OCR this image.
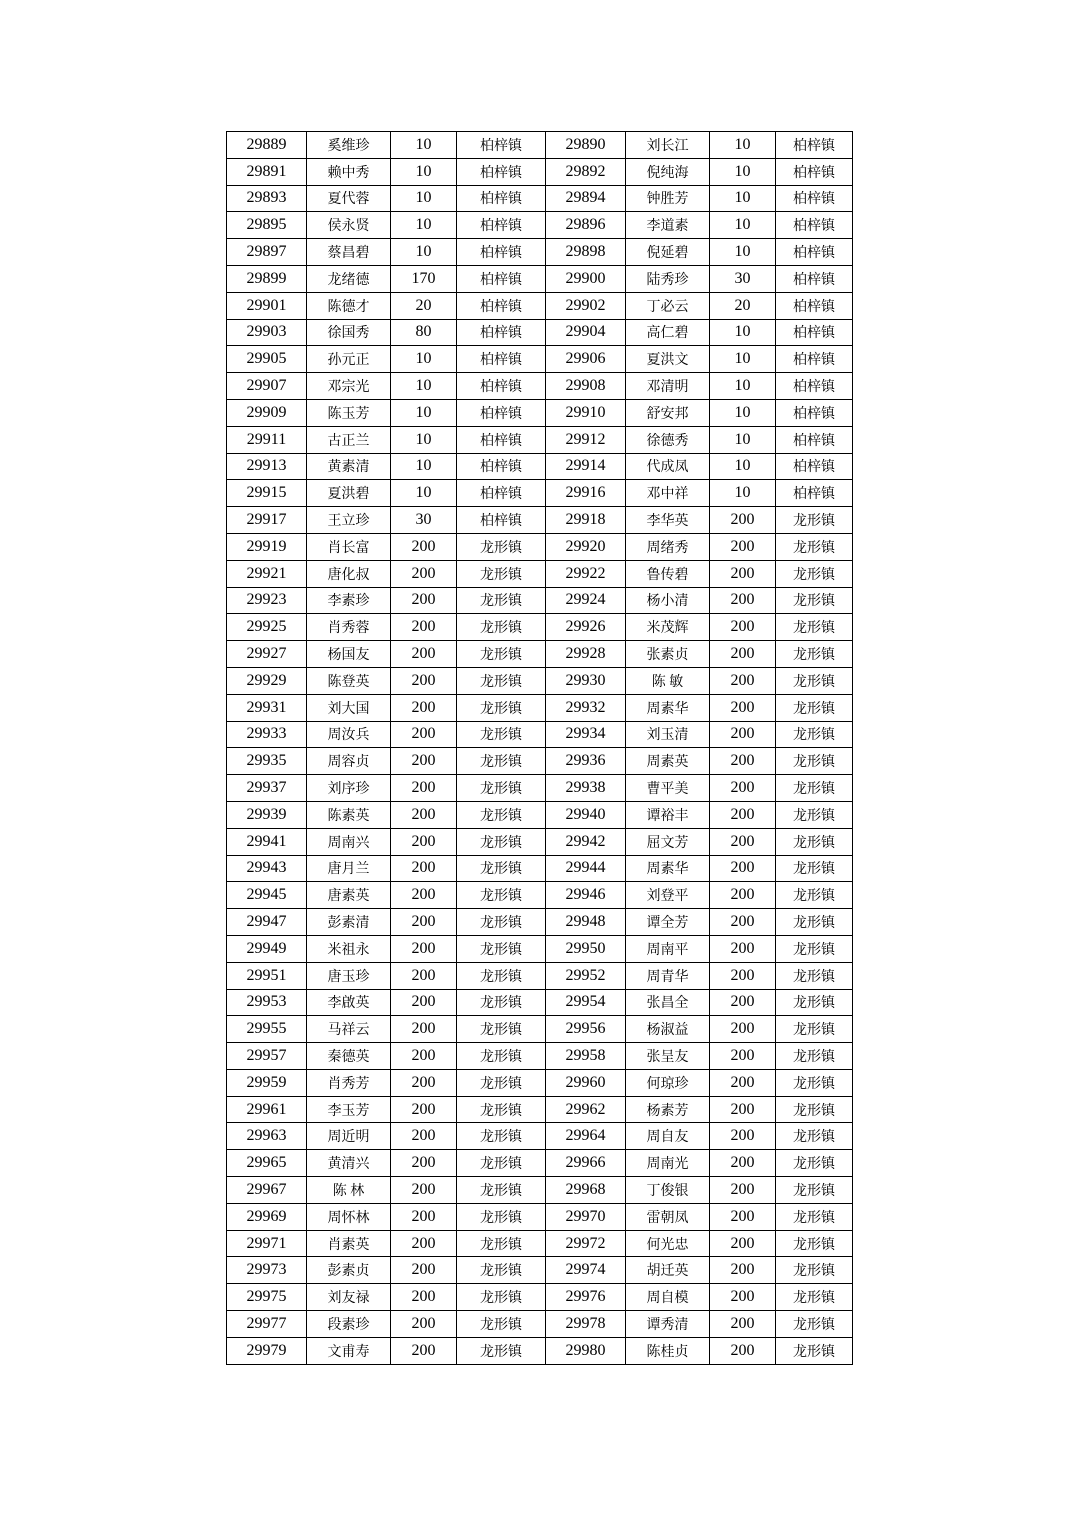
29889	奚维珍	10	柏梓镇	29890	刘长江	10	柏梓镇
29891	赖中秀	10	柏梓镇	29892	倪纯海	10	柏梓镇
29893	夏代蓉	10	柏梓镇	29894	钟胜芳	10	柏梓镇
29895	侯永贤	10	柏梓镇	29896	李道素	10	柏梓镇
29897	蔡昌碧	10	柏梓镇	29898	倪延碧	10	柏梓镇
29899	龙绪德	170	柏梓镇	29900	陆秀珍	30	柏梓镇
29901	陈德才	20	柏梓镇	29902	丁必云	20	柏梓镇
29903	徐国秀	80	柏梓镇	29904	高仁碧	10	柏梓镇
29905	孙元正	10	柏梓镇	29906	夏洪文	10	柏梓镇
29907	邓宗光	10	柏梓镇	29908	邓清明	10	柏梓镇
29909	陈玉芳	10	柏梓镇	29910	舒安邦	10	柏梓镇
29911	古正兰	10	柏梓镇	29912	徐德秀	10	柏梓镇
29913	黄素清	10	柏梓镇	29914	代成凤	10	柏梓镇
29915	夏洪碧	10	柏梓镇	29916	邓中祥	10	柏梓镇
29917	王立珍	30	柏梓镇	29918	李华英	200	龙形镇
29919	肖长富	200	龙形镇	29920	周绪秀	200	龙形镇
29921	唐化叔	200	龙形镇	29922	鲁传碧	200	龙形镇
29923	李素珍	200	龙形镇	29924	杨小清	200	龙形镇
29925	肖秀蓉	200	龙形镇	29926	米茂辉	200	龙形镇
29927	杨国友	200	龙形镇	29928	张素贞	200	龙形镇
29929	陈登英	200	龙形镇	29930	陈 敏	200	龙形镇
29931	刘大国	200	龙形镇	29932	周素华	200	龙形镇
29933	周汝兵	200	龙形镇	29934	刘玉清	200	龙形镇
29935	周容贞	200	龙形镇	29936	周素英	200	龙形镇
29937	刘序珍	200	龙形镇	29938	曹平美	200	龙形镇
29939	陈素英	200	龙形镇	29940	谭裕丰	200	龙形镇
29941	周南兴	200	龙形镇	29942	屈文芳	200	龙形镇
29943	唐月兰	200	龙形镇	29944	周素华	200	龙形镇
29945	唐素英	200	龙形镇	29946	刘登平	200	龙形镇
29947	彭素清	200	龙形镇	29948	谭全芳	200	龙形镇
29949	米祖永	200	龙形镇	29950	周南平	200	龙形镇
29951	唐玉珍	200	龙形镇	29952	周青华	200	龙形镇
29953	李啟英	200	龙形镇	29954	张昌全	200	龙形镇
29955	马祥云	200	龙形镇	29956	杨淑益	200	龙形镇
29957	秦德英	200	龙形镇	29958	张呈友	200	龙形镇
29959	肖秀芳	200	龙形镇	29960	何琼珍	200	龙形镇
29961	李玉芳	200	龙形镇	29962	杨素芳	200	龙形镇
29963	周近明	200	龙形镇	29964	周自友	200	龙形镇
29965	黄清兴	200	龙形镇	29966	周南光	200	龙形镇
29967	陈 林	200	龙形镇	29968	丁俊银	200	龙形镇
29969	周怀林	200	龙形镇	29970	雷朝凤	200	龙形镇
29971	肖素英	200	龙形镇	29972	何光忠	200	龙形镇
29973	彭素贞	200	龙形镇	29974	胡迁英	200	龙形镇
29975	刘友禄	200	龙形镇	29976	周自模	200	龙形镇
29977	段素珍	200	龙形镇	29978	谭秀清	200	龙形镇
29979	文甫寿	200	龙形镇	29980	陈桂贞	200	龙形镇
